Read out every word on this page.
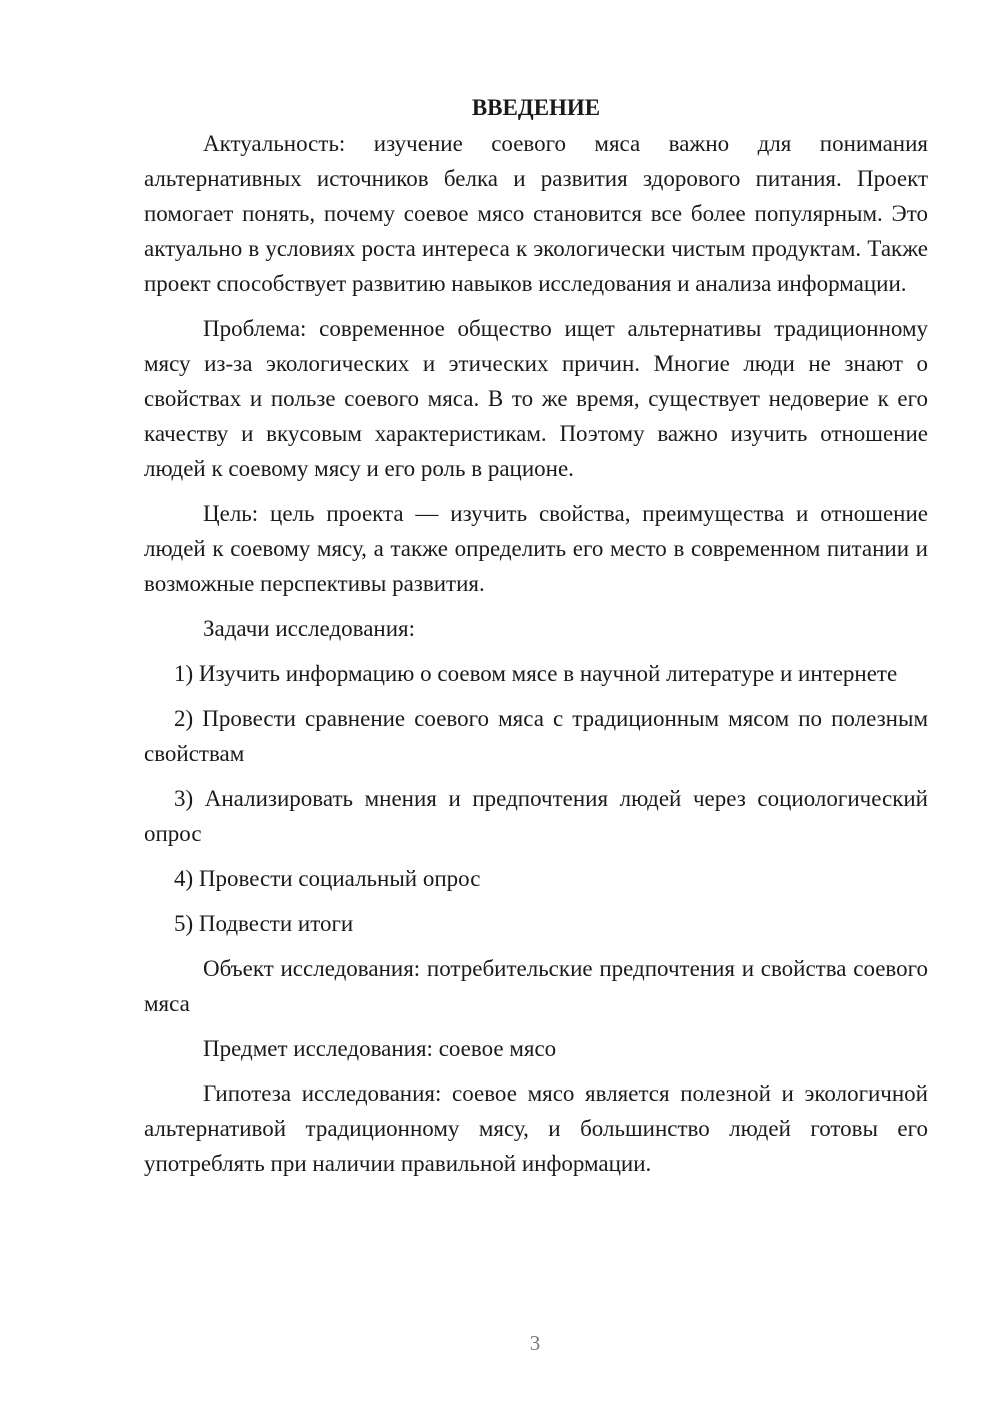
ВВЕДЕНИЕ

Актуальность: изучение соевого мяса важно для понимания альтернативных источников белка и развития здорового питания. Проект помогает понять, почему соевое мясо становится все более популярным. Это актуально в условиях роста интереса к экологически чистым продуктам. Также проект способствует развитию навыков исследования и анализа информации.

Проблема: современное общество ищет альтернативы традиционному мясу из-за экологических и этических причин. Многие люди не знают о свойствах и пользе соевого мяса. В то же время, существует недоверие к его качеству и вкусовым характеристикам. Поэтому важно изучить отношение людей к соевому мясу и его роль в рационе.

Цель: цель проекта — изучить свойства, преимущества и отношение людей к соевому мясу, а также определить его место в современном питании и возможные перспективы развития.

Задачи исследования:

1) Изучить информацию о соевом мясе в научной литературе и интернете

2) Провести сравнение соевого мяса с традиционным мясом по полезным свойствам

3) Анализировать мнения и предпочтения людей через социологический опрос

4) Провести социальный опрос

5) Подвести итоги

Объект исследования: потребительские предпочтения и свойства соевого мяса

Предмет исследования: соевое мясо

Гипотеза исследования: соевое мясо является полезной и экологичной альтернативой традиционному мясу, и большинство людей готовы его употреблять при наличии правильной информации.

3
